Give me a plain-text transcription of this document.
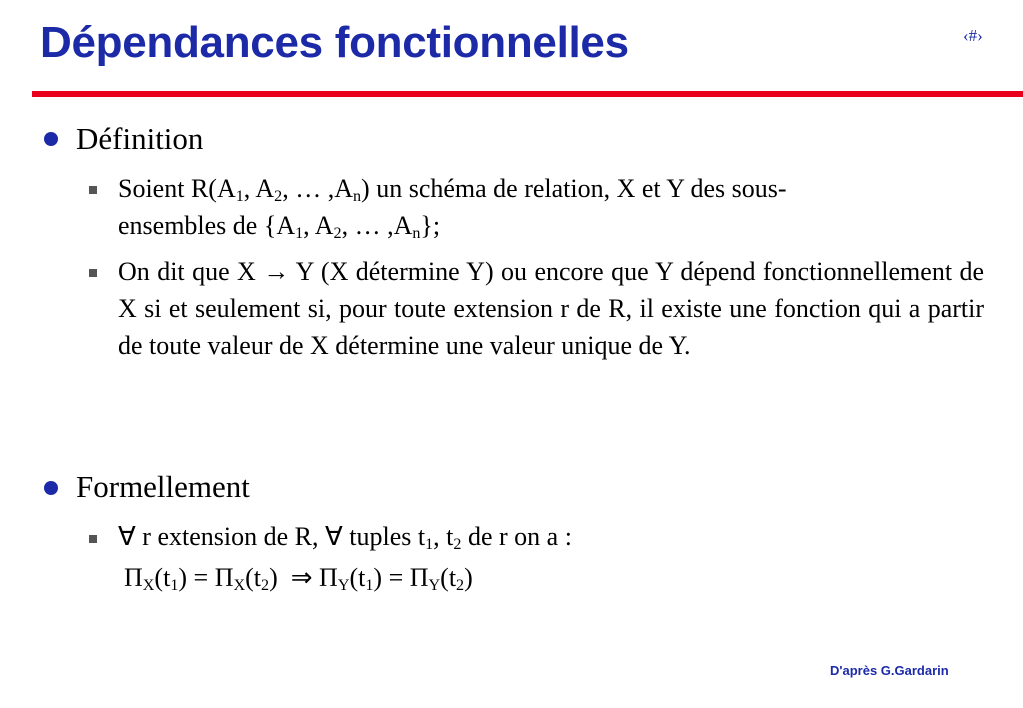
Dépendances fonctionnelles	‹#›
Définition
Soient $R(A_1$, $A_2$, … $,A_n$) un schéma de relation, X et Y des sous-
ensembles de {$A_1$, $A_2$, … $,A_n$};
On dit que X → Y (X détermine Y) ou encore que Y dépend fonctionnellement de X si et seulement si, pour toute extension r de R, il existe une fonction qui a partir de toute valeur de X détermine une valeur unique de Y.
Formellement
∀ r extension de R, ∀ tuples $t_1$, $t_2$ de r on a :
$\Pi_X(t_1) = \Pi_X(t_2)$  ⇒ $\Pi_Y(t_1) = \Pi_Y(t_2)$
D'après G.Gardarin
